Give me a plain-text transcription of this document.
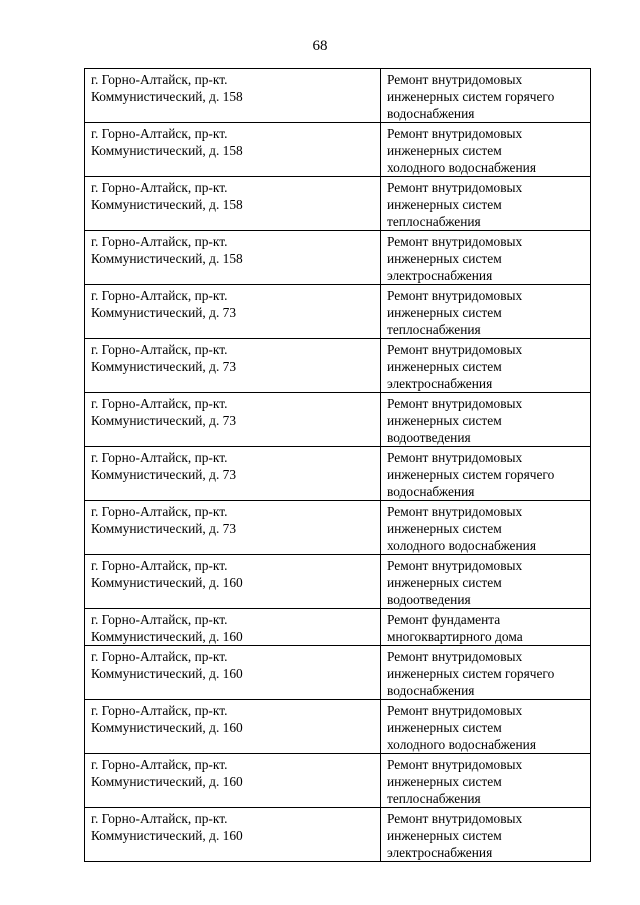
68
г. Горно-Алтайск, пр-кт.
Коммунистический, д. 158	Ремонт внутридомовых
инженерных систем горячего
водоснабжения

г. Горно-Алтайск, пр-кт.
Коммунистический, д. 158	Ремонт внутридомовых
инженерных систем
холодного водоснабжения

г. Горно-Алтайск, пр-кт.
Коммунистический, д. 158	Ремонт внутридомовых
инженерных систем
теплоснабжения

г. Горно-Алтайск, пр-кт.
Коммунистический, д. 158	Ремонт внутридомовых
инженерных систем
электроснабжения

г. Горно-Алтайск, пр-кт.
Коммунистический, д. 73	Ремонт внутридомовых
инженерных систем
теплоснабжения

г. Горно-Алтайск, пр-кт.
Коммунистический, д. 73	Ремонт внутридомовых
инженерных систем
электроснабжения

г. Горно-Алтайск, пр-кт.
Коммунистический, д. 73	Ремонт внутридомовых
инженерных систем
водоотведения

г. Горно-Алтайск, пр-кт.
Коммунистический, д. 73	Ремонт внутридомовых
инженерных систем горячего
водоснабжения

г. Горно-Алтайск, пр-кт.
Коммунистический, д. 73	Ремонт внутридомовых
инженерных систем
холодного водоснабжения

г. Горно-Алтайск, пр-кт.
Коммунистический, д. 160	Ремонт внутридомовых
инженерных систем
водоотведения

г. Горно-Алтайск, пр-кт.
Коммунистический, д. 160	Ремонт фундамента
многоквартирного дома

г. Горно-Алтайск, пр-кт.
Коммунистический, д. 160	Ремонт внутридомовых
инженерных систем горячего
водоснабжения

г. Горно-Алтайск, пр-кт.
Коммунистический, д. 160	Ремонт внутридомовых
инженерных систем
холодного водоснабжения

г. Горно-Алтайск, пр-кт.
Коммунистический, д. 160	Ремонт внутридомовых
инженерных систем
теплоснабжения

г. Горно-Алтайск, пр-кт.
Коммунистический, д. 160	Ремонт внутридомовых
инженерных систем
электроснабжения
